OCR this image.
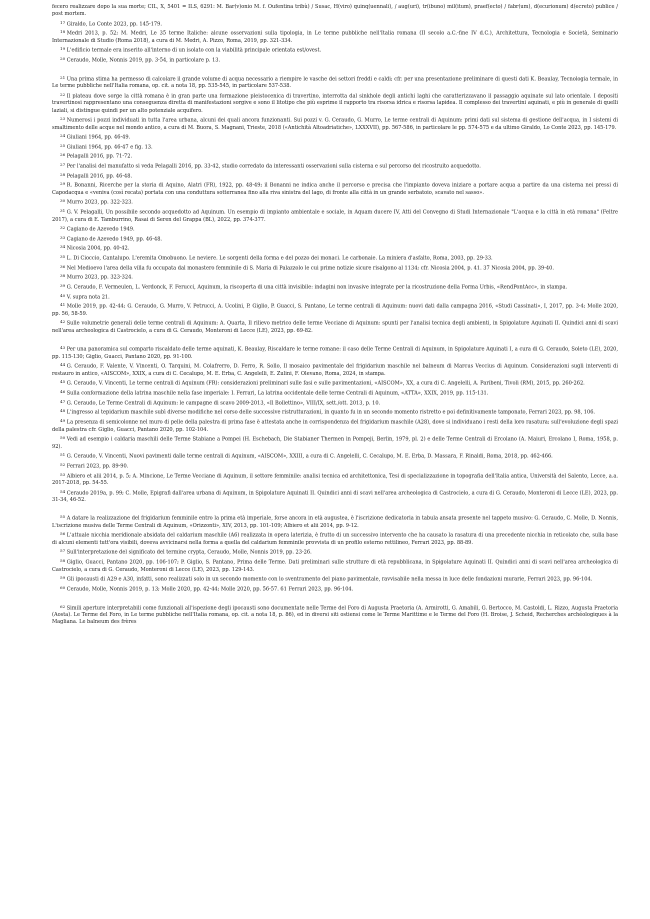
fecero realizzare dopo la sua morte; CIL, X, 5401 = ILS, 6291: M. Bar(v)onio M. f. Oufentina tribù) / Susac, H(viro) quinq(uennali), / aug(uri), tr(ibuno) mil(itum), praef(ecto) / fabr(um), d(ecurionum) d(ecreto) publice / post mortem.

$^{17}$ Giraldo, Lo Conte 2023, pp. 145-179.

$^{18}$ Medri 2013, p. 52; M. Medri, Le 35 terme Italiche: alcune osservazioni sulla tipologia, in Le terme pubbliche nell'Italia romana (II secolo a.C.-fine IV d.C.), Architettura, Tecnologia e Società, Seminario Internazionale di Studio (Roma 2018), a cura di M. Medri, A. Pizzo, Roma, 2019, pp. 321-334.

$^{19}$ L'edificio termale era inserito all'interno di un isolato con la viabilità principale orientata est/ovest.

$^{20}$ Ceraudo, Molle, Nonnis 2019, pp. 3-54, in particolare p. 13.

$^{21}$ Una prima stima ha permesso di calcolare il grande volume di acqua necessario a riempire le vasche dei settori freddi e caldi; cfr. per una presentazione preliminare di questi dati K. Beaulay, Tecnologia termale, in Le terme pubbliche nell'Italia romana, op. cit. a nota 18, pp. 535-545, in particolare 537-538.

$^{22}$ Il plateau dove sorge la città romana è in gran parte una formazione pleistocenica di travertino, interrotta dal sinkhole degli antichi laghi che caratterizzavano il passaggio aquinate sul lato orientale. I depositi travertinosi rappresentano una conseguenza diretta di manifestazioni sorgive e sono il litotipo che più esprime il rapporto tra risorsa idrica e risorsa lapidea. Il complesso dei travertini aquinati, e più in generale di quelli laziali, si distingue quindi per un alto potenziale acquifero.

$^{23}$ Numerosi i pozzi individuati in tutta l'area urbana, alcuni dei quali ancora funzionanti. Sui pozzi v. G. Ceraudo, G. Murro, Le terme centrali di Aquinum: primi dati sul sistema di gestione dell'acqua, in I sistemi di smaltimento delle acque nel mondo antico, a cura di M. Buora, S. Magnani, Trieste, 2018 («Antichità Altoadriatiche», LXXXVII), pp. 567-586, in particolare le pp. 574-575 e da ultimo Giraldo, Lo Conte 2023, pp. 145-179.

$^{24}$ Giuliani 1964, pp. 46-49.

$^{25}$ Giuliani 1964, pp. 46-47 e fig. 13.

$^{26}$ Pelagalli 2016, pp. 71-72.

$^{27}$ Per l'analisi del manufatto si veda Pelagalli 2016, pp. 33-42, studio corredato da interessanti osservazioni sulla cisterna e sul percorso del ricostruito acquedotto.

$^{28}$ Pelagalli 2016, pp. 46-48.

$^{29}$ R. Bonanni, Ricerche per la storia di Aquino, Alatri (FR), 1922, pp. 48-49; il Bonanni ne indica anche il percorso e precisa che l'impianto doveva iniziare a portare acqua a partire da una cisterna nei pressi di Capodacqua e «veniva (così recata) portata con una conduttura sotterranea fino alla riva sinistra del lago, di fronte alla città in un grande serbatoio, scavato nel sasso».

$^{30}$ Murro 2023, pp. 322-323.

$^{31}$ G. V. Pelagalli, Un possibile secondo acquedotto ad Aquinum. Un esempio di impianto ambientale e sociale, in Aquam ducere IV, Atti del Convegno di Studi Internazionale "L'acqua e la città in età romana" (Feltre 2017), a cura di E. Tamburrino, Rasai di Seren del Grappa (BL), 2022, pp. 374-377.

$^{32}$ Cagiano de Azevedo 1949.

$^{33}$ Cagiano de Azevedo 1949, pp. 46-48.

$^{34}$ Nicosia 2004, pp. 40-42.

$^{35}$ L. Di Cioccio, Cantalupo. L'eremita Omobuono. Le neviere. Le sorgenti della forma e del pozzo dei monaci. Le carbonaie. La miniera d'asfalto, Roma, 2003, pp. 29-33.

$^{36}$ Nel Medioevo l'area della villa fu occupata dal monastero femminile di S. Maria di Palazzolo le cui prime notizie sicure risalgono al 1134; cfr. Nicosia 2004, p. 41. 37 Nicosia 2004, pp. 39-40.

$^{38}$ Murro 2023, pp. 323-324.

$^{39}$ G. Ceraudo, F. Vermeulen, L. Verdonck, F. Ferucci, Aquinum, la riscoperta di una città invisibile: indagini non invasive integrate per la ricostruzione della Forma Urbis, «RendPontAcc», in stampa.

$^{40}$ V. supra nota 21.

$^{41}$ Molle 2019, pp. 42-44; G. Ceraudo, G. Murro, V. Petrucci, A. Ucolini, P. Giglio, P. Guacci, S. Pantano, Le terme centrali di Aquinum: nuovi dati dalla campagna 2016, «Studi Cassinati», I, 2017, pp. 3-4; Molle 2020, pp. 56, 58-59.

$^{42}$ Sulle volumetrie generali delle terme centrali di Aquinum: A. Quarta, Il rilievo metrico delle terme Vecciane di Aquinum: spunti per l'analisi tecnica degli ambienti, in Spigolature Aquinati II. Quindici anni di scavi nell'area archeologica di Castrocielo, a cura di G. Ceraudo, Monteroni di Lecce (LE), 2023, pp. 69-82.

$^{43}$ Per una panoramica sul comparto riscaldato delle terme aquinati, K. Beaulay, Riscaldare le terme romane: il caso delle Terme Centrali di Aquinum, in Spigolature Aquinati I, a cura di G. Ceraudo, Soleto (LE), 2020, pp. 115-130; Giglio, Guacci, Pantano 2020, pp. 91-100.

$^{44}$ G. Ceraudo, F. Valente, V. Vincenti, O. Tarquini, M. Colafrerro, D. Ferro, R. Sollo, Il mosaico pavimentale del frigidarium maschile nel balneum di Marcus Veccius di Aquinum. Considerazioni sugli interventi di restauro in antico, «AISCOM», XXIX, a cura di C. Cecalupo, M. E. Erba, C. Angelelli, E. Zulini, F. Olevano, Roma, 2024, in stampa.

$^{45}$ G. Ceraudo, V. Vincenti, Le terme centrali di Aquinum (FR): considerazioni preliminari sulle fasi e sulle pavimentazioni, «AISCOM», XX, a cura di C. Angelelli, A. Paribeni, Tivoli (RM), 2015, pp. 260-262.

$^{46}$ Sulla conformazione della latrina maschile nella fase imperiale: I. Ferrari, La latrina occidentale delle terme Centrali di Aquinum, «ATTA», XXIX, 2019, pp. 115-131.

$^{47}$ G. Ceraudo, Le Terme Centrali di Aquinum: le campagne di scavo 2009-2013, «Il Bollettino», VIII/IX, sett./ott. 2013, p. 10.

$^{48}$ L'ingresso al tepidarium maschile subì diverse modifiche nel corso delle successive ristrutturazioni, in quanto fu in un secondo momento ristretto e poi definitivamente tamponato, Ferrari 2023, pp. 98, 106.

$^{49}$ La presenza di semicolonne nel muro di pelle della palestra di prima fase è attestata anche in corrispondenza del frigidarium maschile (A28), dove si individuano i resti della loro rasatura; sull'evoluzione degli spazi della palestra cfr. Giglio, Guacci, Pantano 2020, pp. 102-104.

$^{50}$ Vedi ad esempio i caldaria maschili delle Terme Stabiane a Pompei (H. Eschebach, Die Stabianer Thermen in Pompeji, Berlin, 1979, pl. 2) e delle Terme Centrali di Ercolano (A. Maiuri, Ercolano I, Roma, 1958, p. 92).

$^{51}$ G. Ceraudo, V. Vincenti, Nuovi pavimenti dalle terme centrali di Aquinum, «AISCOM», XXIII, a cura di C. Angelelli, C. Cecalupo, M. E. Erba, D. Massara, F. Rinaldi, Roma, 2018, pp. 462-466.

$^{52}$ Ferrari 2023, pp. 89-90.

$^{53}$ Albiero et alii 2014, p. 5; A. Mincione, Le Terme Vecciane di Aquinum, il settore femminile: analisi tecnica ed architettonica, Tesi di specializzazione in topografia dell'Italia antica, Università del Salento, Lecce, a.a. 2017-2018, pp. 54-55.

$^{54}$ Ceraudo 2019a, p. 99; C. Molle, Epigrafi dall'area urbana di Aquinum, in Spigolature Aquinati II. Quindici anni di scavi nell'area archeologica di Castrocielo, a cura di G. Ceraudo, Monteroni di Lecce (LE), 2023, pp. 31-34, 46-52.

$^{55}$ A datare la realizzazione del frigidarium femminile entro la prima età imperiale, forse ancora in età augustea, è l'iscrizione dedicatoria in tabula ansata presente nel tappeto musivo: G. Ceraudo, C. Molle, D. Nonnis, L'iscrizione musiva delle Terme Centrali di Aquinum, «Orizzonti», XIV, 2013, pp. 101-109; Albiero et alii 2014, pp. 9-12.

$^{56}$ L'attuale nicchia meridionale absidata del caldarium maschile (A6) realizzata in opera laterizia, è frutto di un successivo intervento che ha causato la rasatura di una precedente nicchia in reticolato che, sulla base di alcuni elementi tutt'ora visibili, doveva avvicinarsi nella forma a quella del caldarium femminile provvista di un profilo esterno rettilineo, Ferrari 2023, pp. 88-89.

$^{57}$ Sull'interpretazione del significato del termine crypta, Ceraudo, Molle, Nonnis 2019, pp. 23-26.

$^{58}$ Giglio, Guacci, Pantano 2020, pp. 106-107; P. Giglio, S. Pantano, Prima delle Terme. Dati preliminari sulle strutture di età repubblicana, in Spigolature Aquinati II. Quindici anni di scavi nell'area archeologica di Castrocielo, a cura di G. Ceraudo, Monteroni di Lecce (LE), 2023, pp. 129-143.

$^{59}$ Gli ipocausti di A29 e A30, infatti, sono realizzati solo in un secondo momento con lo sventramento del piano pavimentale, ravvisabile nella messa in luce delle fondazioni murarie, Ferrari 2023, pp. 96-104.

$^{60}$ Ceraudo, Molle, Nonnis 2019, p. 13; Molle 2020, pp. 42-44; Molle 2020, pp. 56-57. 61 Ferrari 2023, pp. 96-104.

$^{62}$ Simili aperture interpretabili come funzionali all'ispezione degli ipocausti sono documentate nelle Terme del Foro di Augusta Praetoria (A. Armirotti, G. Amabili, G. Bertocco, M. Castoldi, L. Rizzo, Augusta Praetoria (Aosta). Le Terme del Foro, in Le terme pubbliche nell'Italia romana, op. cit. a nota 18, p. 86), ed in diversi siti ostiensi come le Terme Marittime e le Terme del Foro (H. Broise, J. Scheid, Recherches archéologiques à la Magliana. Le balneum des frères
